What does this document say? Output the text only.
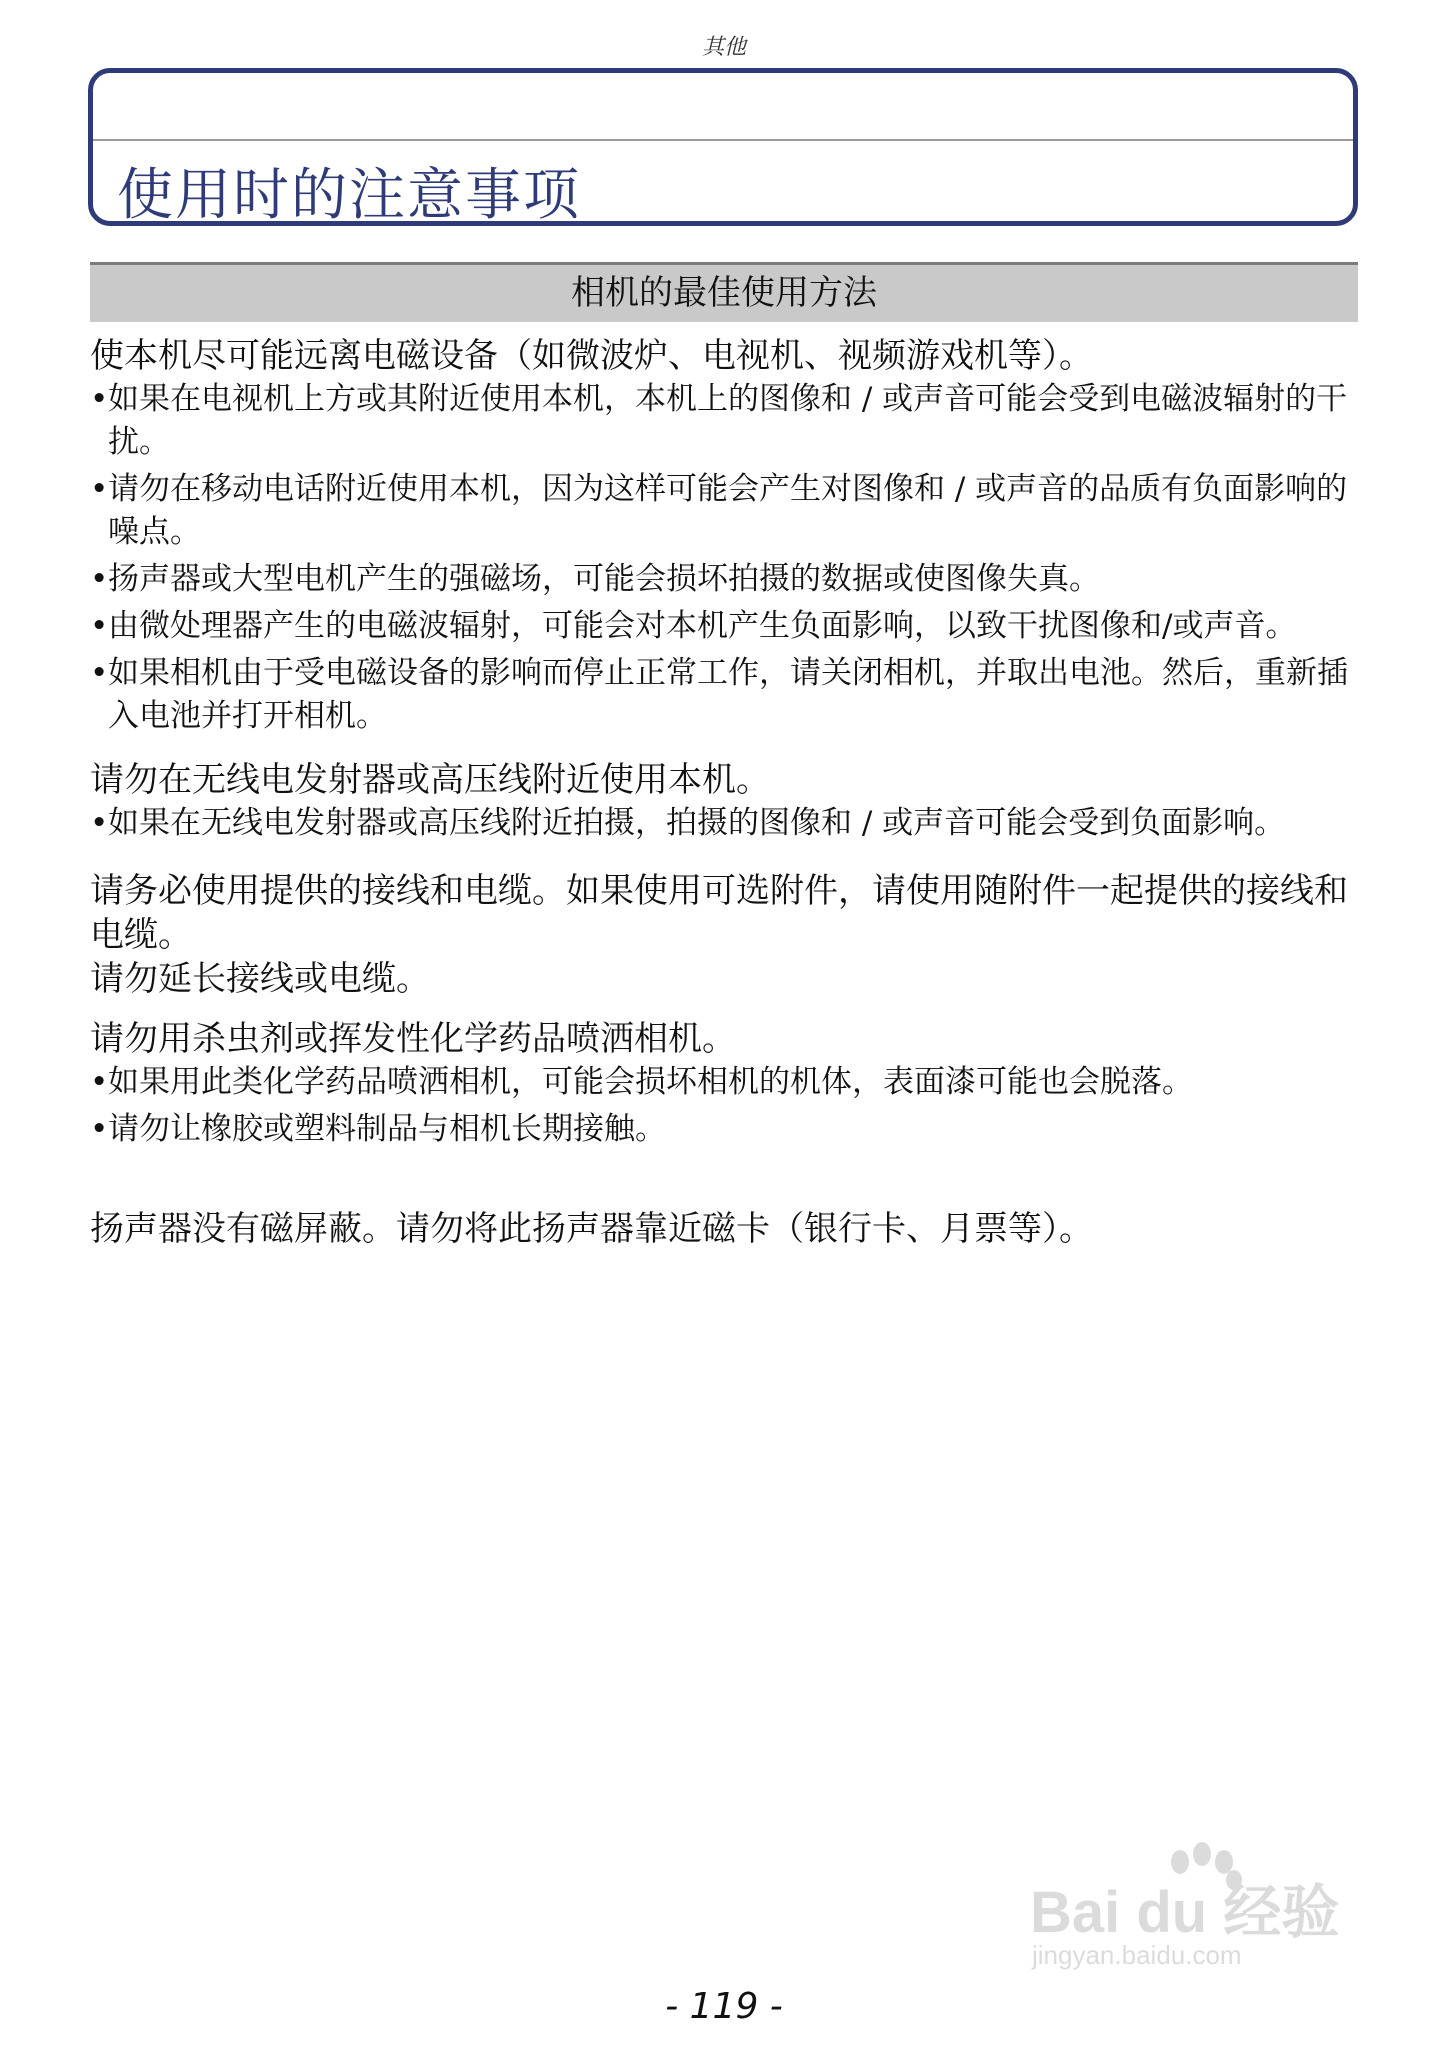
其他
使用时的注意事项
相机的最佳使用方法

使本机尽可能远离电磁设备（如微波炉、电视机、视频游戏机等）。

• 如果在电视机上方或其附近使用本机，本机上的图像和 / 或声音可能会受到电磁波辐射的干扰。
• 请勿在移动电话附近使用本机，因为这样可能会产生对图像和 / 或声音的品质有负面影响的噪点。
• 扬声器或大型电机产生的强磁场，可能会损坏拍摄的数据或使图像失真。
• 由微处理器产生的电磁波辐射，可能会对本机产生负面影响，以致干扰图像和/或声音。
• 如果相机由于受电磁设备的影响而停止正常工作，请关闭相机，并取出电池。然后，重新插入电池并打开相机。

请勿在无线电发射器或高压线附近使用本机。

• 如果在无线电发射器或高压线附近拍摄，拍摄的图像和 / 或声音可能会受到负面影响。

请务必使用提供的接线和电缆。如果使用可选附件，请使用随附件一起提供的接线和电缆。

请勿延长接线或电缆。

请勿用杀虫剂或挥发性化学药品喷洒相机。

• 如果用此类化学药品喷洒相机，可能会损坏相机的机体，表面漆可能也会脱落。
• 请勿让橡胶或塑料制品与相机长期接触。

扬声器没有磁屏蔽。请勿将此扬声器靠近磁卡（银行卡、月票等）。

Bai du 经验
jingyan.baidu.com
- 119 -
